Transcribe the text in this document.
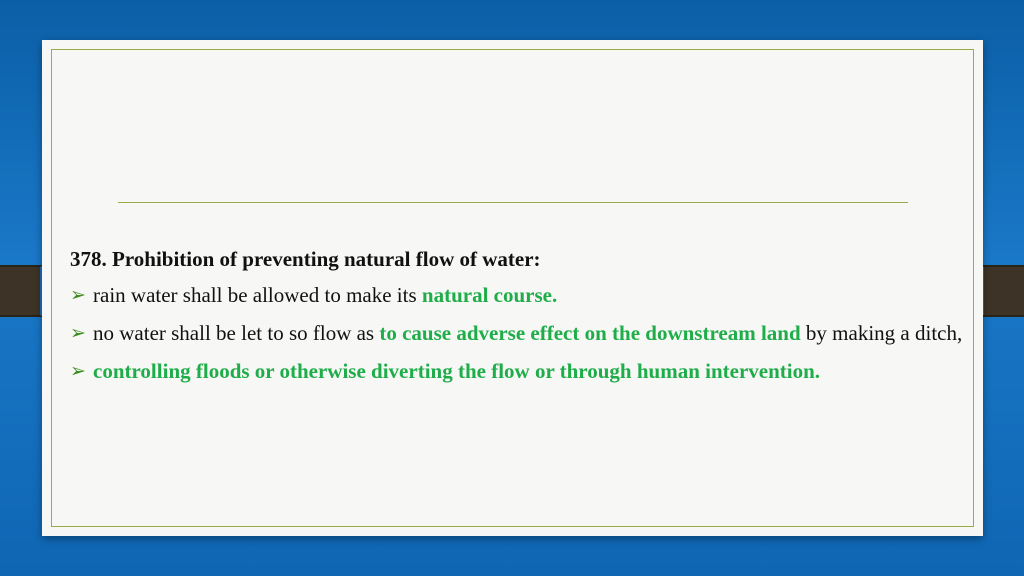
378. Prohibition of preventing natural flow of water:

➢ rain water shall be allowed to make its natural course.

➢ no water shall be let to so flow as to cause adverse effect on the downstream land by making a ditch,

➢ controlling floods or otherwise diverting the flow or through human intervention.
